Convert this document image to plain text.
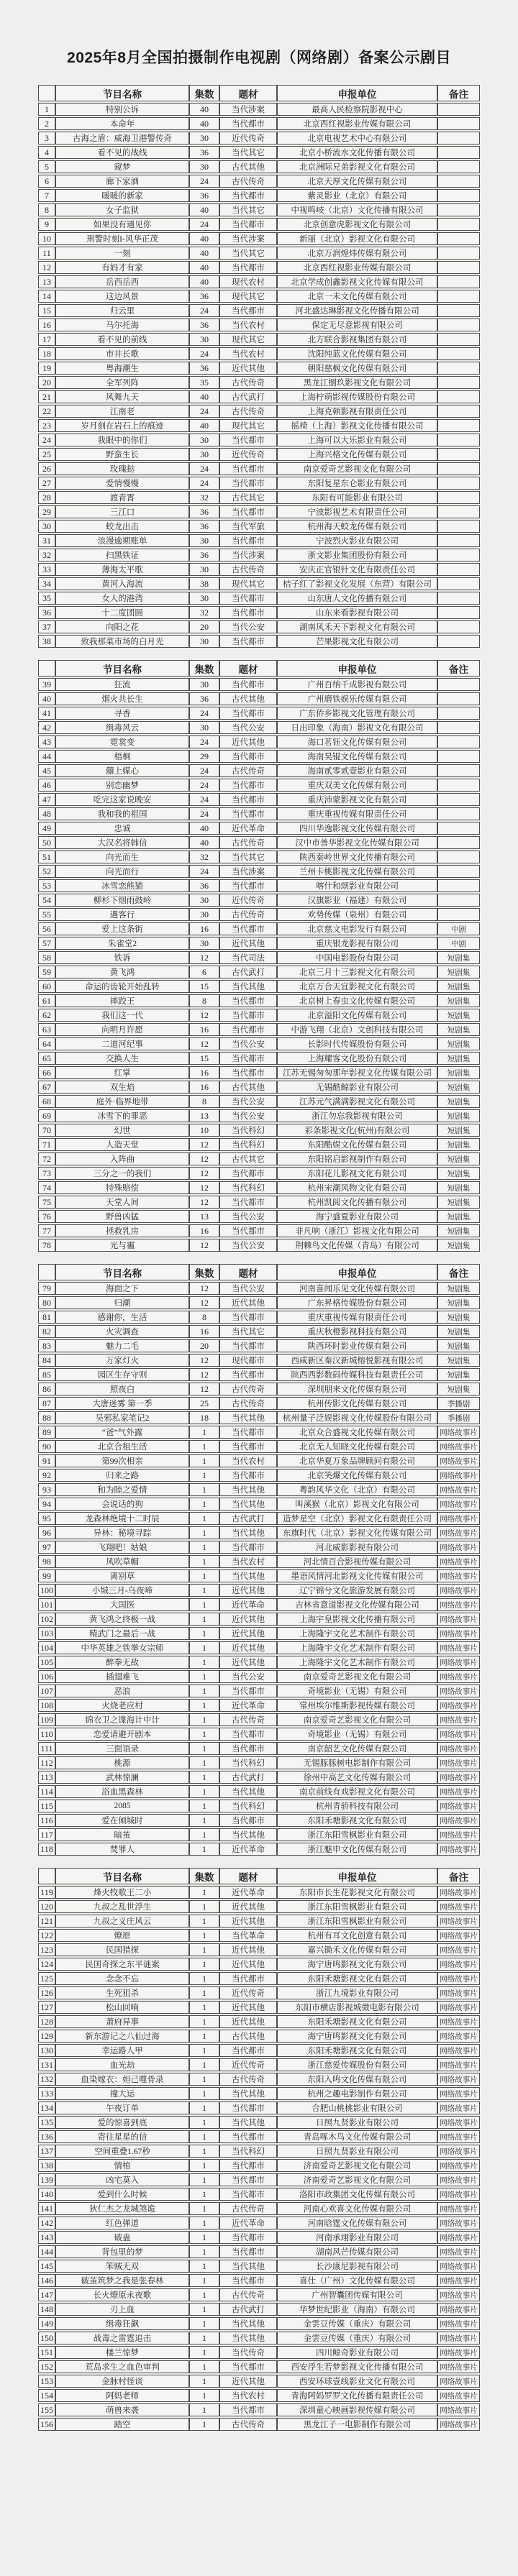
2025年8月全国拍摄制作电视剧（网络剧）备案公示剧目
	节目名称	集数	题材	申报单位	备注
1	特别公诉	40	当代涉案	最高人民检察院影视中心	
2	本命年	40	当代都市	北京西红视影业传媒有限公司	
3	古海之盾：威海卫港警传奇	30	近代传奇	北京电视艺术中心有限公司	
4	看不见的战线	36	当代其它	北京小桥流水文化传播有限公司	
5	窥梦	30	古代其他	北京洲际兄弟影视文化有限公司	
6	廊下家酒	24	古代传奇	北京天厚文化传媒有限公司	
7	暖暖的新家	36	当代都市	紫灵影业（北京）有限公司	
8	女子监狱	40	当代其它	中视鸣岐（北京）文化传播有限公司	
9	如果没有遇见你	24	当代都市	北京创意虎影视文化有限公司	
10	刑警时刻I-风华正茂	40	当代涉案	新丽（北京）影视文化有限公司	
11	一刻	40	当代其它	北京万润煌炜传媒有限公司	
12	有妈才有家	40	当代都市	北京西红视影业传媒有限公司	
13	岳西岳西	40	现代农村	北京学成创鑫影视文化传媒有限公司	
14	这边风景	36	现代其它	北京一未文化传媒有限公司	
15	归云里	24	当代都市	河北盛达琳影视文化传播有限公司	
16	马尔托海	36	当代农村	保定无尽意影视有限公司	
17	看不见的前线	30	现代其它	北方联合影视集团有限公司	
18	市井长歌	24	当代农村	沈阳纯蓝文化传媒有限公司	
19	粤海潮生	36	近代其他	朝阳慈枫文化传媒有限公司	
20	全军列阵	35	古代传奇	黑龙江捌玖影视文化有限公司	
21	风舞九天	40	古代武打	上海柠萌影视传媒股份有限公司	
22	江南老	24	古代传奇	上海克顿影视有限责任公司	
23	岁月刻在岩石上的痕迹	40	现代其它	摇椅（上海）影视文化传播有限公司	
24	我眼中的你们	30	当代都市	上海可以大乐影业有限公司	
25	野蛮生长	30	近代传奇	上海兴格文化传媒有限公司	
26	玫瑰挞	24	当代都市	南京爱奇艺影视文化有限公司	
27	爱情慢慢	24	当代都市	东阳复星东仑影业有限公司	
28	渡青霄	32	古代其它	东阳有可能影业有限公司	
29	三江口	36	当代都市	宁波影视艺术有限责任公司	
30	蛟龙出击	36	当代军旅	杭州海天蛟龙传媒有限公司	
31	浪漫逾期账单	30	当代都市	宁波烈火影业有限公司	
32	扫黑铁证	36	当代涉案	浙文影业集团股份有限公司	
33	薄海太平歌	30	古代传奇	安庆正官银针文化有限责任公司	
34	黄河入海流	38	现代其它	桔子红了影视文化发展（东营）有限公司	
35	女人的港湾	30	当代都市	山东唐人文化传播有限公司	
36	十二度团圆	32	当代都市	山东来看影视有限公司	
37	向阳之花	20	当代公安	湖南风禾天下影视文化有限公司	
38	致我那菜市场的白月光	30	当代都市	芒果影视文化有限公司	
	节目名称	集数	题材	申报单位	备注
39	狂流	30	当代都市	广州百纳千成影视有限公司	
40	烟火共长生	36	古代其他	广州磨铁娱乐传媒有限公司	
41	寻香	24	当代都市	广东侨乡影视文化管理有限公司	
42	缉毒风云	30	当代公安	日出印象（海南）影视文化有限公司	
43	霓裳变	24	近代其他	海口茗钰文化传媒有限公司	
44	梧桐	29	当代都市	海南昊锟文化传媒有限公司	
45	囍上媒心	24	古代传奇	海南贰零贰壹影业有限公司	
46	别恋幽梦	24	当代都市	重庆双美文化传媒有限公司	
47	吃完这家说晚安	24	当代都市	重庆沛蒙影视文化有限公司	
48	我和我的祖国	24	当代都市	重庆重视传媒有限责任公司	
49	忠诚	40	近代革命	四川华逸影视文化传媒有限公司	
50	大汉名将韩信	40	古代传奇	汉中市善华影视文化传媒有限公司	
51	向光而生	32	当代其它	陕西秦岭世界文化传播有限公司	
52	向光而行	24	当代涉案	兰州卡桃影视文化传媒有限公司	
53	冰雪恋熊猫	36	当代都市	喀什和颂影业有限公司	
54	柳杉下烟雨鼓岭	30	近代传奇	汉旗影业（福建）有限公司	
55	遇客行	30	古代传奇	欢势传媒（泉州）有限公司	
56	爱上这条街	16	当代都市	北京慈文电影发行有限公司	中剧
57	朱雀堂2	30	近代其他	重庆银龙影视有限公司	中剧
58	铁诉	12	当代司法	中国电影股份有限公司	短剧集
59	黄飞鸿	6	古代武打	北京三月十三影视文化有限公司	短剧集
60	命运的齿轮开始乱转	15	当代其他	北京万合天宜影视文化有限公司	短剧集
61	摔跤王	8	当代都市	北京树上春虫文化传媒有限公司	短剧集
62	我们这一代	12	当代都市	北京溢阳文化传媒有限公司	短剧集
63	向明月许愿	16	当代都市	中游飞翔（北京）文创科技有限公司	短剧集
64	二道河纪事	12	当代公安	长影时代传媒股份有限公司	短剧集
65	交换人生	15	当代都市	上海耀客文化股份有限公司	短剧集
66	红掌	16	当代都市	江苏无锡匆匆那年影视文化传媒有限公司	短剧集
67	双生焰	16	古代其他	无锡酷鲸影业有限公司	短剧集
68	庭外·临界地带	8	当代公安	江苏元气满满影视文化有限公司	短剧集
69	冰雪下的罪恶	13	当代公安	浙江勿忘我影视有限公司	短剧集
70	幻世	10	当代科幻	彩条影视文化(杭州)有限公司	短剧集
71	人造天堂	12	当代科幻	东阳酷娱文化传媒有限公司	短剧集
72	入阵曲	12	古代其它	东阳铭启影视制作有限公司	短剧集
73	三分之一的我们	12	当代都市	东阳花儿影视文化有限公司	短剧集
74	特殊赔偿	12	当代科幻	杭州宋潮风物文化有限公司	短剧集
75	天堂人间	12	当代都市	杭州凯阅文化传播有限公司	短剧集
76	野兽凶猛	13	当代公安	海宁盛夏影业有限公司	短剧集
77	拯救乳房	16	当代都市	非凡响（浙江）影视文化有限公司	短剧集
78	光与霾	12	当代公安	荆棘鸟文化传媒（青岛）有限公司	短剧集
	节目名称	集数	题材	申报单位	备注
79	海面之下	12	当代公安	河南喜闻乐见文化传媒有限公司	短剧集
80	归潮	12	近代其他	广东昇格传媒股份有限公司	短剧集
81	感谢你，生活	8	当代都市	重庆重视传媒有限责任公司	短剧集
82	火灾调查	16	当代其它	重庆秋橙影视科技有限公司	短剧集
83	魅力二毛	20	当代都市	陕西环时影业传媒有限公司	短剧集
84	万家灯火	12	现代都市	西咸新区秦汉新城榕悦影视有限公司	短剧集
85	园区生存守则	12	当代都市	陕西西影数码传媒科技有限责任公司	短剧集
86	照夜白	12	古代传奇	深圳朋来文化传媒有限公司	短剧集
87	大唐迷雾 第一季	25	古代传奇	杭州传影文化传媒有限公司	季播剧
88	吴邪私家笔记2	18	当代其他	杭州量子泛娱影视文化传媒股份有限公司	季播剧
89	“爸”气外露	1	当代都市	北京众合盛视文化传媒有限公司	网络故事片
90	北京合租生活	1	当代都市	北京无人知晓文化传媒有限公司	网络故事片
91	第99次相亲	1	当代农村	北京华夏万象品牌顾问有限公司	网络故事片
92	归来之路	1	当代都市	北京笑爆文化传媒有限公司	网络故事片
93	和为睦之爱情	1	当代其他	粤韵风华文化（北京）有限公司	网络故事片
94	会说话的狗	1	当代其他	叫溪猴（北京）影视文化有限公司	网络故事片
95	龙森林绝境十二时辰	1	古代武打	造梦星空（北京）影视文化有限责任公司	网络故事片
96	异林：秘境寻踪	1	当代其他	东旗时代（北京）影视文化传媒有限公司	网络故事片
97	飞翔吧！姑娘	1	当代都市	河北威影影视有限公司	网络故事片
98	风吹草帽	1	当代农村	河北情百合影视传媒有限公司	网络故事片
99	离别草	1	当代其他	墨语风情河北影视文化传媒有限公司	网络故事片
100	小城三月-乌夜啼	1	近代其他	辽宁锦兮文化旅游发展有限公司	网络故事片
101	大国医	1	近代革命	吉林省意道影视文化传媒有限公司	网络故事片
102	黄飞鸿之终极一战	1	近代其他	上海宇皇影视文化传播有限公司	网络故事片
103	精武门之最后一战	1	近代其他	上海隆宇文化艺术制作有限公司	网络故事片
104	中华英雄之铁拳女宗师	1	近代其他	上海隆宇文化艺术制作有限公司	网络故事片
105	醉拳无敌	1	近代其他	上海隆宇文化艺术制作有限公司	网络故事片
106	插翅难飞	1	当代公安	南京爱奇艺影视文化有限公司	网络故事片
107	恶浪	1	当代都市	奇境影业（无锡）有限公司	网络故事片
108	火烧老应村	1	近代革命	常州埃尔维斯影视传媒有限公司	网络故事片
109	锦衣卫之谍海计中计	1	古代传奇	南京爱奇艺影视文化有限公司	网络故事片
110	恋爱请避开剧本	1	当代都市	奇境影业（无锡）有限公司	网络故事片
111	三面语录	1	当代都市	南京韶艺文化传媒有限公司	网络故事片
112	桃源	1	当代科幻	无锡豚豚树电影制作有限公司	网络故事片
113	武林惊澜	1	古代武打	徐州中高艺文化传媒有限公司	网络故事片
114	浴血黑森林	1	当代其他	南京前线有戏影视文化有限公司	网络故事片
115	2085	1	当代科幻	杭州青骄科技有限公司	网络故事片
116	爱在倾城时	1	当代都市	东阳禾塘影视文化有限公司	网络故事片
117	暗茧	1	当代其他	浙江东阳雪枫影业有限公司	网络故事片
118	焚罪人	1	近代革命	浙江魅申文化传媒有限公司	网络故事片
	节目名称	集数	题材	申报单位	备注
119	烽火牧歌王二小	1	近代革命	东阳市长生花影视文化有限公司	网络故事片
120	九叔之乱世浮生	1	近代其他	浙江东阳雪枫影业有限公司	网络故事片
121	九叔之义庄风云	1	近代其他	浙江东阳雪枫影业有限公司	网络故事片
122	燎原	1	当代革命	杭州有耳文化创意有限公司	网络故事片
123	民国猎探	1	近代其他	嘉兴锄禾文化传媒有限公司	网络故事片
124	民国奇探之东平谜案	1	近代其他	海宁唐鸣影视文化有限公司	网络故事片
125	念念不忘	1	当代都市	东阳禾塘影视文化有限公司	网络故事片
126	生死狙杀	1	近代传奇	浙江九境影业有限公司	网络故事片
127	松山回响	1	近代其他	东阳市横店影视城微电影有限公司	网络故事片
128	萧府异事	1	近代其他	东阳禾塘影视文化有限公司	网络故事片
129	新东游记之八仙过海	1	古代其他	海宁唐鸣影视文化有限公司	网络故事片
130	幸运路人甲	1	当代都市	东阳禾塘影视文化有限公司	网络故事片
131	血光劫	1	近代传奇	浙江慈爱传媒股份有限公司	网络故事片
132	血染嫁衣：妲己噬骨录	1	古代传奇	东阳入鸣文化传媒有限公司	网络故事片
133	撞大运	1	当代其他	杭州之趣电影制作有限公司	网络故事片
134	午夜订单	1	当代都市	合肥山桃桃影业有限公司	网络故事片
135	爱的惊喜到底	1	当代其他	日照九贤影业有限公司	网络故事片
136	寄往星星的信	1	当代都市	青岛啄木鸟文化传媒有限公司	网络故事片
137	空间重叠1.67秒	1	当代科幻	日照九贤影业有限公司	网络故事片
138	情棺	1	当代都市	济南爱奇艺影视文化有限公司	网络故事片
139	凶宅莫入	1	当代都市	济南爱奇艺影视文化有限公司	网络故事片
140	爱到什么时候	1	当代都市	洛阳市政集团文化传媒有限公司	网络故事片
141	狄仁杰之龙城煞诡	1	古代传奇	河南心欢喜文化传媒有限公司	网络故事片
142	红色弹道	1	近代革命	河南晗霆文化传媒有限公司	网络故事片
143	破蛊	1	当代都市	河南承翊影业有限公司	网络故事片
144	背包里的梦	1	当代都市	湖南风芒传媒有限公司	网络故事片
145	笨贼无双	1	当代其他	长沙康尼影视有限公司	网络故事片
146	破茧筑梦之我是张春林	1	当代都市	喜仕（广州）文化传媒有限公司	网络故事片
147	长火燎原永夜歌	1	古代传奇	广州智囊团传媒有限公司	网络故事片
148	刃上血	1	古代武打	华梦世纪影业（海南）有限公司	网络故事片
149	缉毒狂飙	1	当代其他	金雲豆传媒（重庆）有限公司	网络故事片
150	战毒之雷霆追击	1	当代其他	金雲豆传媒（重庆）有限公司	网络故事片
151	楼兰惊梦	1	当代传奇	四川鲸奇影业有限公司	网络故事片
152	荒岛求生之血色审判	1	当代都市	西安浮生若梦影视文化传播有限公司	网络故事片
153	金脉村怪谈	1	近代其他	西安环球壹线影业文化有限公司	网络故事片
154	阿妈老师	1	当代农村	青海阿妈罗罗文化传播有限责任公司	网络故事片
155	萌兽来袭	1	当代都市	深圳童心映画影视传媒有限公司	网络故事片
156	踏空	1	古代传奇	黑龙江子一电影制作有限公司	网络故事片
